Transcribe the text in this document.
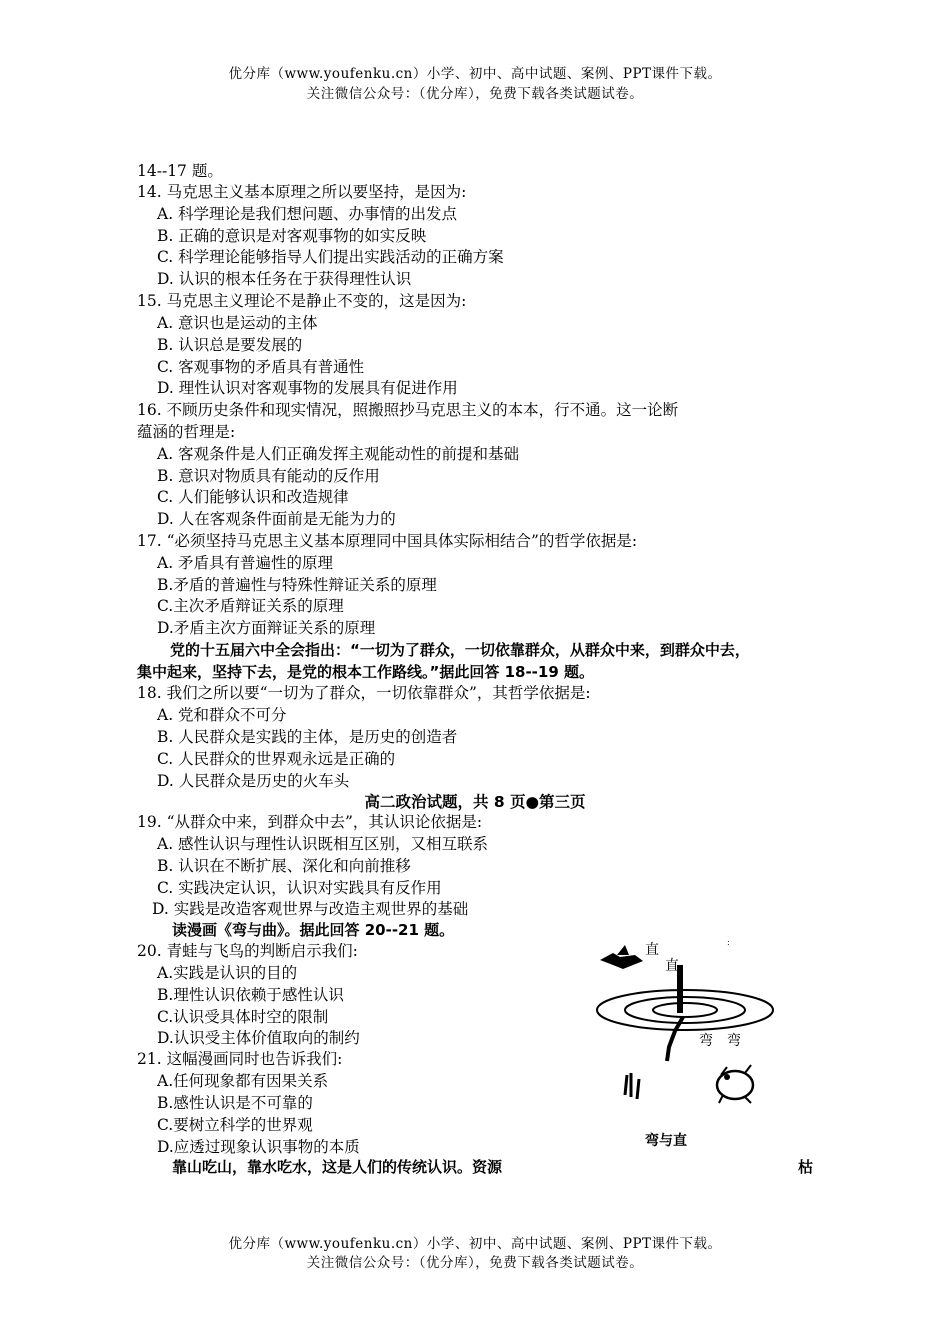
优分库（www.youfenku.cn）小学、初中、高中试题、案例、PPT课件下载。
关注微信公众号：（优分库），免费下载各类试题试卷。
14--17 题。
14. 马克思主义基本原理之所以要坚持，是因为:
A. 科学理论是我们想问题、办事情的出发点
B. 正确的意识是对客观事物的如实反映
C. 科学理论能够指导人们提出实践活动的正确方案
D. 认识的根本任务在于获得理性认识
15. 马克思主义理论不是静止不变的，这是因为:
A. 意识也是运动的主体
B. 认识总是要发展的
C. 客观事物的矛盾具有普通性
D. 理性认识对客观事物的发展具有促进作用
16. 不顾历史条件和现实情况，照搬照抄马克思主义的本本，行不通。这一论断
蕴涵的哲理是:
A. 客观条件是人们正确发挥主观能动性的前提和基础
B. 意识对物质具有能动的反作用
C. 人们能够认识和改造规律
D. 人在客观条件面前是无能为力的
17. “必须坚持马克思主义基本原理同中国具体实际相结合”的哲学依据是:
A. 矛盾具有普遍性的原理
B.矛盾的普遍性与特殊性辩证关系的原理
C.主次矛盾辩证关系的原理
D.矛盾主次方面辩证关系的原理
党的十五届六中全会指出：“一切为了群众，一切依靠群众，从群众中来，到群众中去，
集中起来，坚持下去，是党的根本工作路线。”据此回答 18--19 题。
18. 我们之所以要“一切为了群众，一切依靠群众”，其哲学依据是:
A. 党和群众不可分
B. 人民群众是实践的主体，是历史的创造者
C. 人民群众的世界观永远是正确的
D. 人民群众是历史的火车头
高二政治试题，共 8 页●第三页
19. “从群众中来，到群众中去”，其认识论依据是:
A. 感性认识与理性认识既相互区别，又相互联系
B. 认识在不断扩展、深化和向前推移
C. 实践决定认识，认识对实践具有反作用
D. 实践是改造客观世界与改造主观世界的基础
读漫画《弯与曲》。据此回答 20--21 题。
20. 青蛙与飞鸟的判断启示我们:
A.实践是认识的目的
B.理性认识依赖于感性认识
C.认识受具体时空的限制
D.认识受主体价值取向的制约
21. 这幅漫画同时也告诉我们:
A.任何现象都有因果关系
B.感性认识是不可靠的
C.要树立科学的世界观
D.应透过现象认识事物的本质
靠山吃山，靠水吃水，这是人们的传统认识。资源	枯
:
直
直
弯 弯
弯与直
优分库（www.youfenku.cn）小学、初中、高中试题、案例、PPT课件下载。
关注微信公众号：（优分库），免费下载各类试题试卷。
